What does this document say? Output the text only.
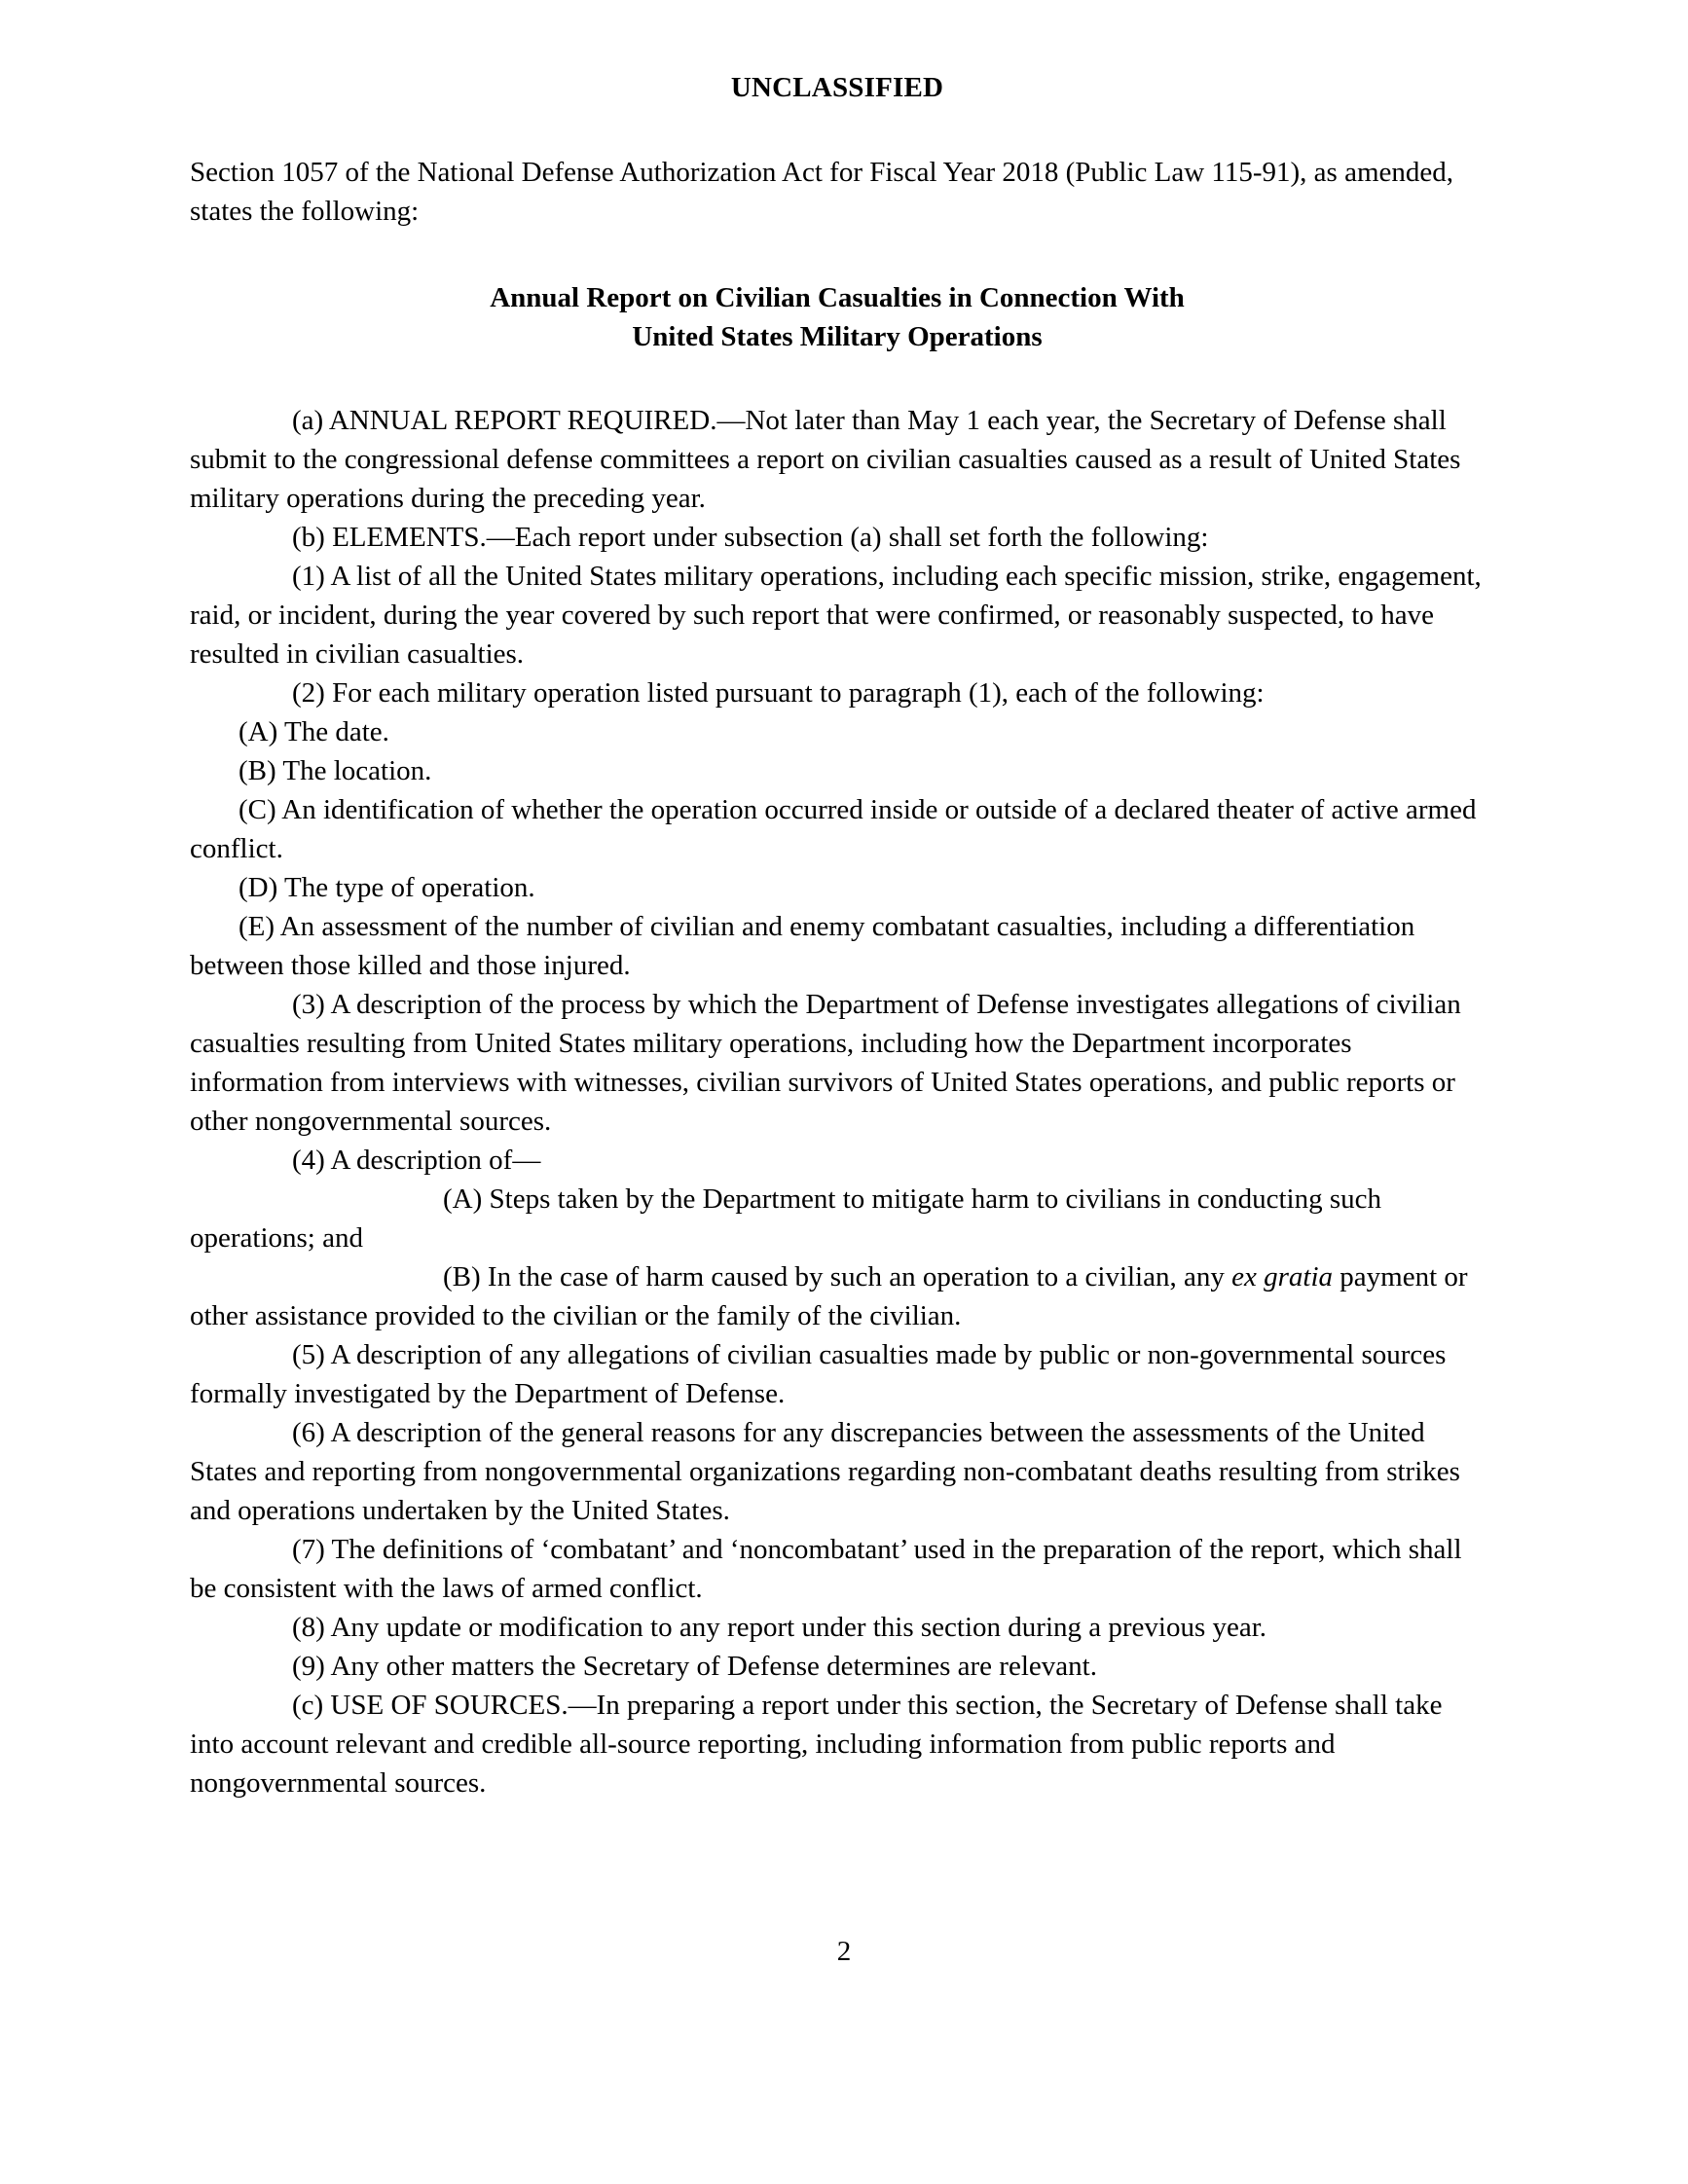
UNCLASSIFIED

Section 1057 of the National Defense Authorization Act for Fiscal Year 2018 (Public Law 115-91), as amended, states the following:

Annual Report on Civilian Casualties in Connection With
United States Military Operations

(a) ANNUAL REPORT REQUIRED.—Not later than May 1 each year, the Secretary of Defense shall submit to the congressional defense committees a report on civilian casualties caused as a result of United States military operations during the preceding year.

(b) ELEMENTS.—Each report under subsection (a) shall set forth the following:

(1) A list of all the United States military operations, including each specific mission, strike, engagement, raid, or incident, during the year covered by such report that were confirmed, or reasonably suspected, to have resulted in civilian casualties.

(2) For each military operation listed pursuant to paragraph (1), each of the following:

(A) The date.

(B) The location.

(C) An identification of whether the operation occurred inside or outside of a declared theater of active armed conflict.

(D) The type of operation.

(E) An assessment of the number of civilian and enemy combatant casualties, including a differentiation between those killed and those injured.

(3) A description of the process by which the Department of Defense investigates allegations of civilian casualties resulting from United States military operations, including how the Department incorporates information from interviews with witnesses, civilian survivors of United States operations, and public reports or other nongovernmental sources.

(4) A description of—

(A) Steps taken by the Department to mitigate harm to civilians in conducting such operations; and

(B) In the case of harm caused by such an operation to a civilian, any ex gratia payment or other assistance provided to the civilian or the family of the civilian.

(5) A description of any allegations of civilian casualties made by public or non-governmental sources formally investigated by the Department of Defense.

(6) A description of the general reasons for any discrepancies between the assessments of the United States and reporting from nongovernmental organizations regarding non-combatant deaths resulting from strikes and operations undertaken by the United States.

(7) The definitions of ‘combatant’ and ‘noncombatant’ used in the preparation of the report, which shall be consistent with the laws of armed conflict.

(8) Any update or modification to any report under this section during a previous year.

(9) Any other matters the Secretary of Defense determines are relevant.

(c) USE OF SOURCES.—In preparing a report under this section, the Secretary of Defense shall take into account relevant and credible all-source reporting, including information from public reports and nongovernmental sources.

2
